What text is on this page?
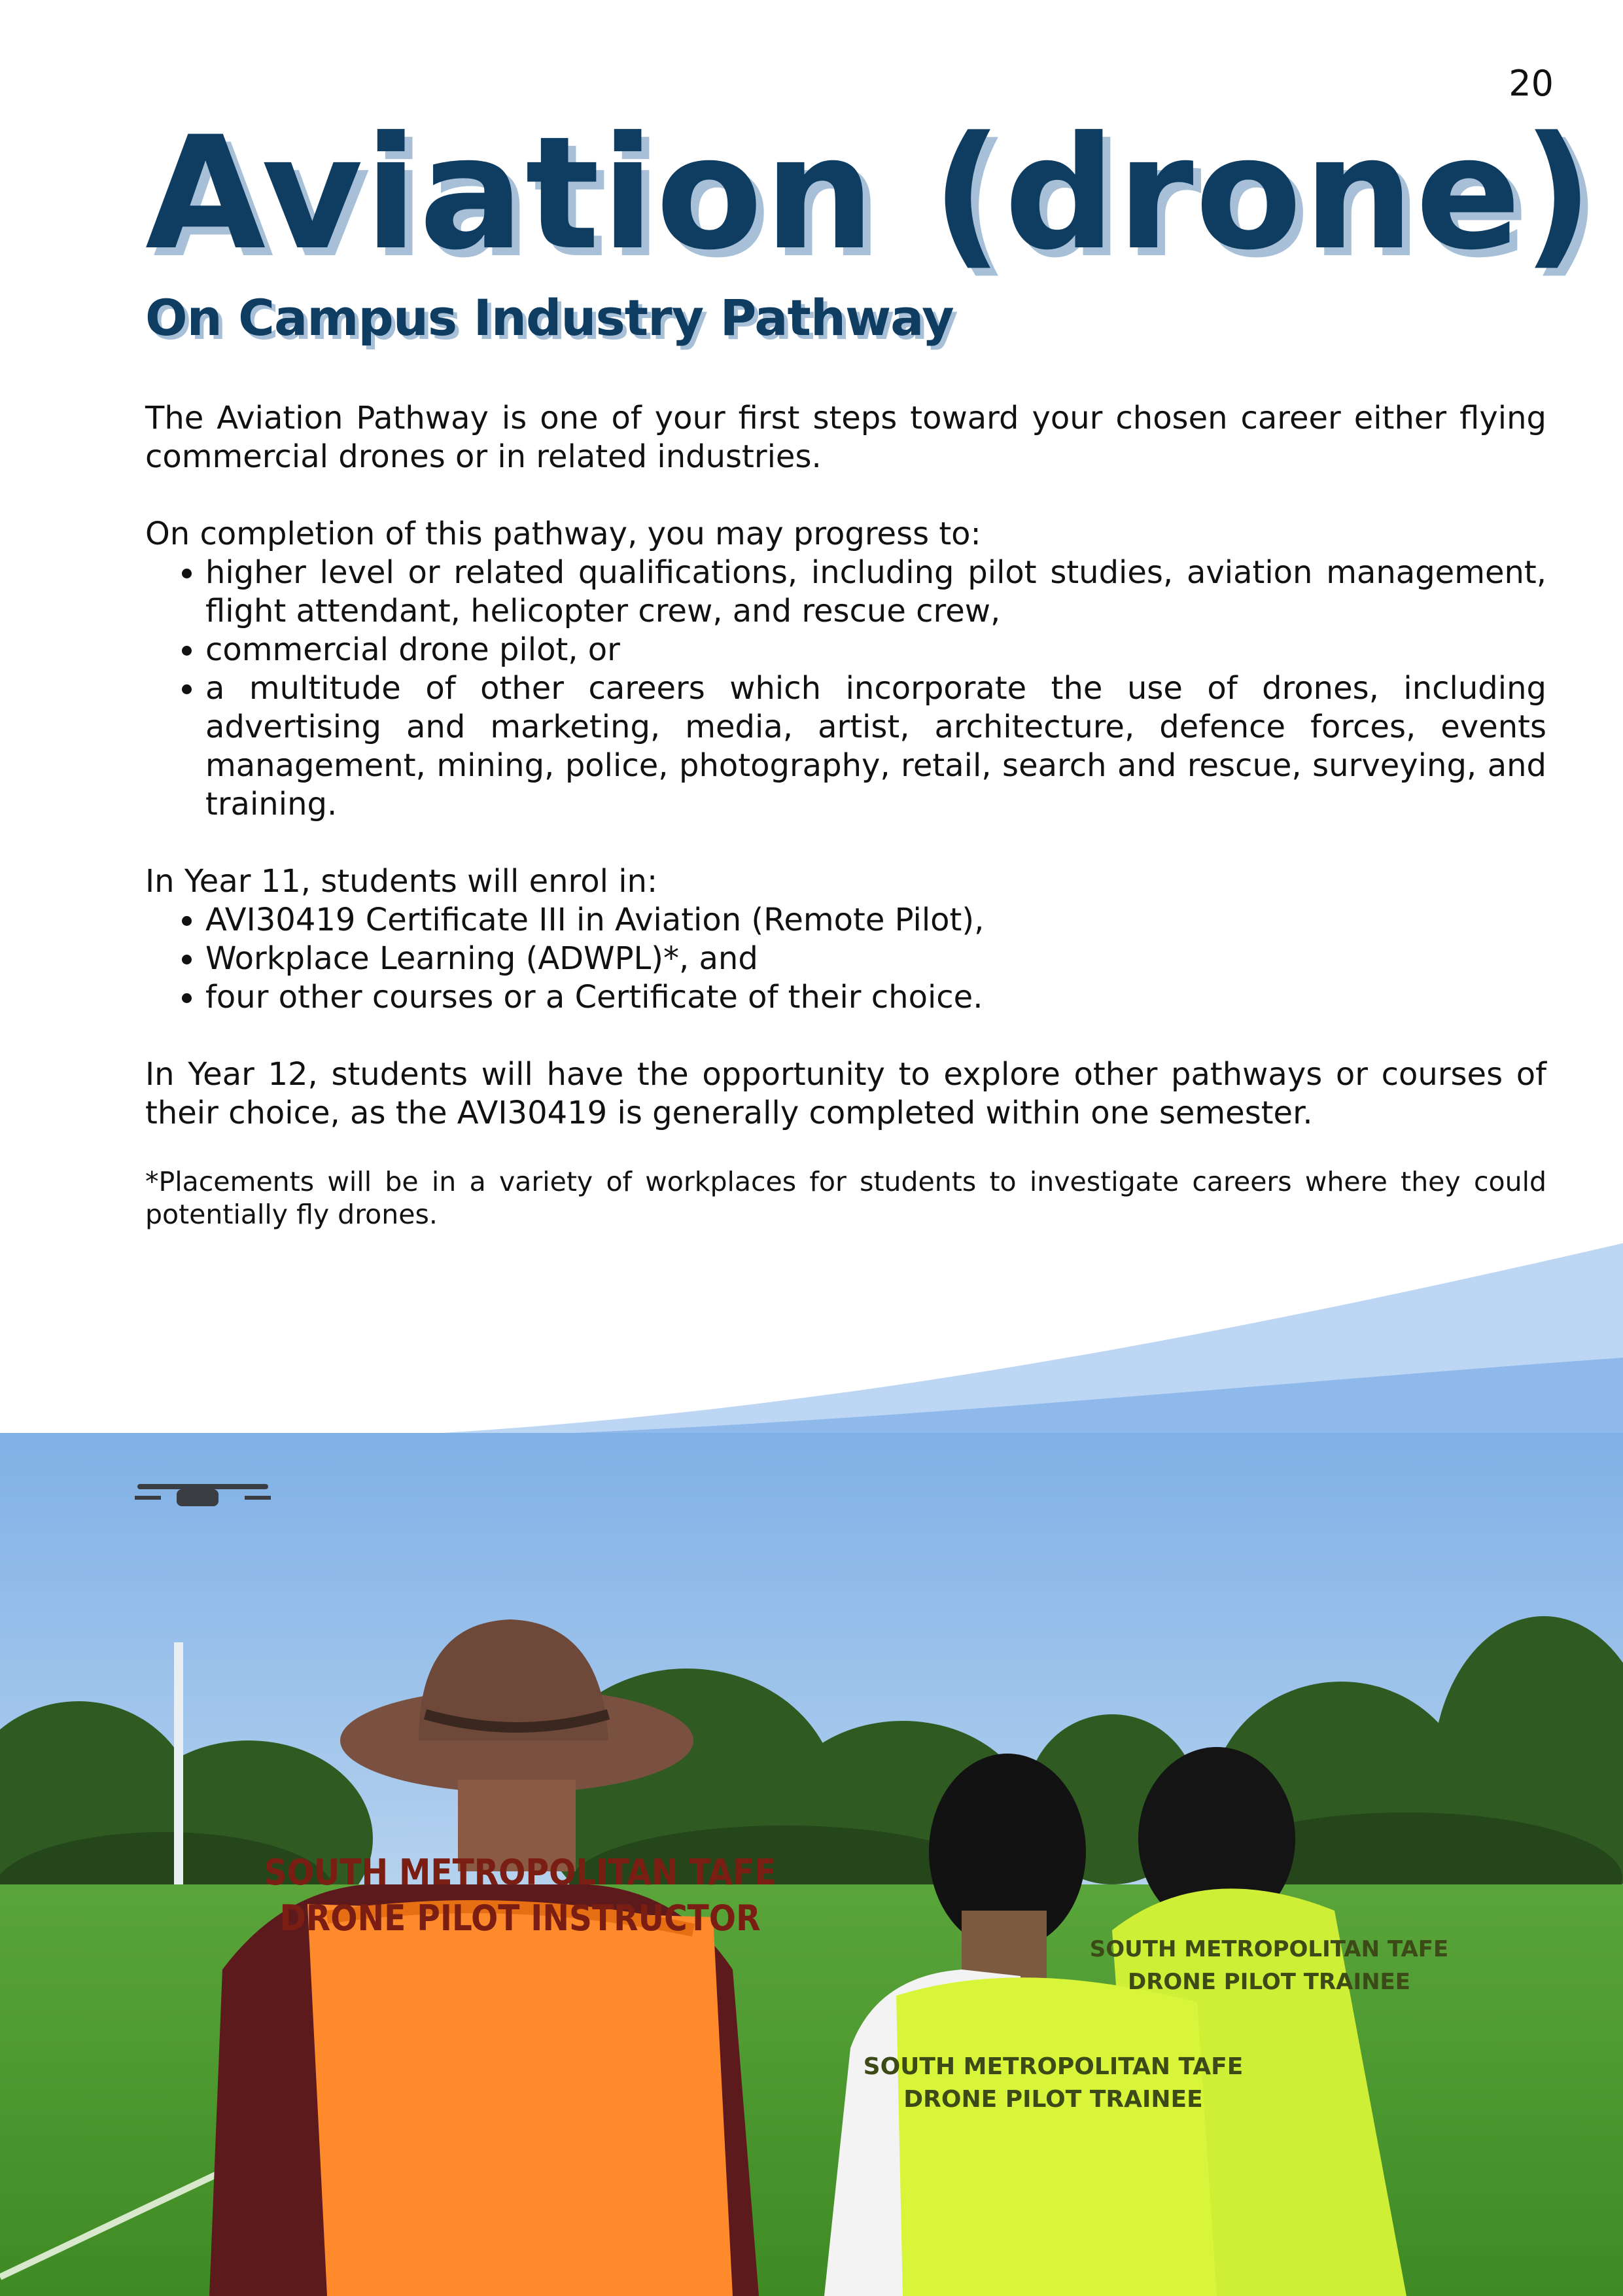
20
Aviation (drone)
On Campus Industry Pathway

The Aviation Pathway is one of your first steps toward your chosen career either flying commercial drones or in related industries.

On completion of this pathway, you may progress to:

• higher level or related qualifications, including pilot studies, aviation management, flight attendant, helicopter crew, and rescue crew,
• commercial drone pilot, or
• a multitude of other careers which incorporate the use of drones, including advertising and marketing, media, artist, architecture, defence forces, events management, mining, police, photography, retail, search and rescue, surveying, and training.

In Year 11, students will enrol in:

• AVI30419 Certificate III in Aviation (Remote Pilot),
• Workplace Learning (ADWPL)*, and
• four other courses or a Certificate of their choice.

In Year 12, students will have the opportunity to explore other pathways or courses of their choice, as the AVI30419 is generally completed within one semester.

*Placements will be in a variety of workplaces for students to investigate careers where they could potentially fly drones.

SOUTH METROPOLITAN TAFE
DRONE PILOT INSTRUCTOR
SOUTH METROPOLITAN TAFE
DRONE PILOT TRAINEE
SOUTH METROPOLITAN TAFE
DRONE PILOT TRAINEE
